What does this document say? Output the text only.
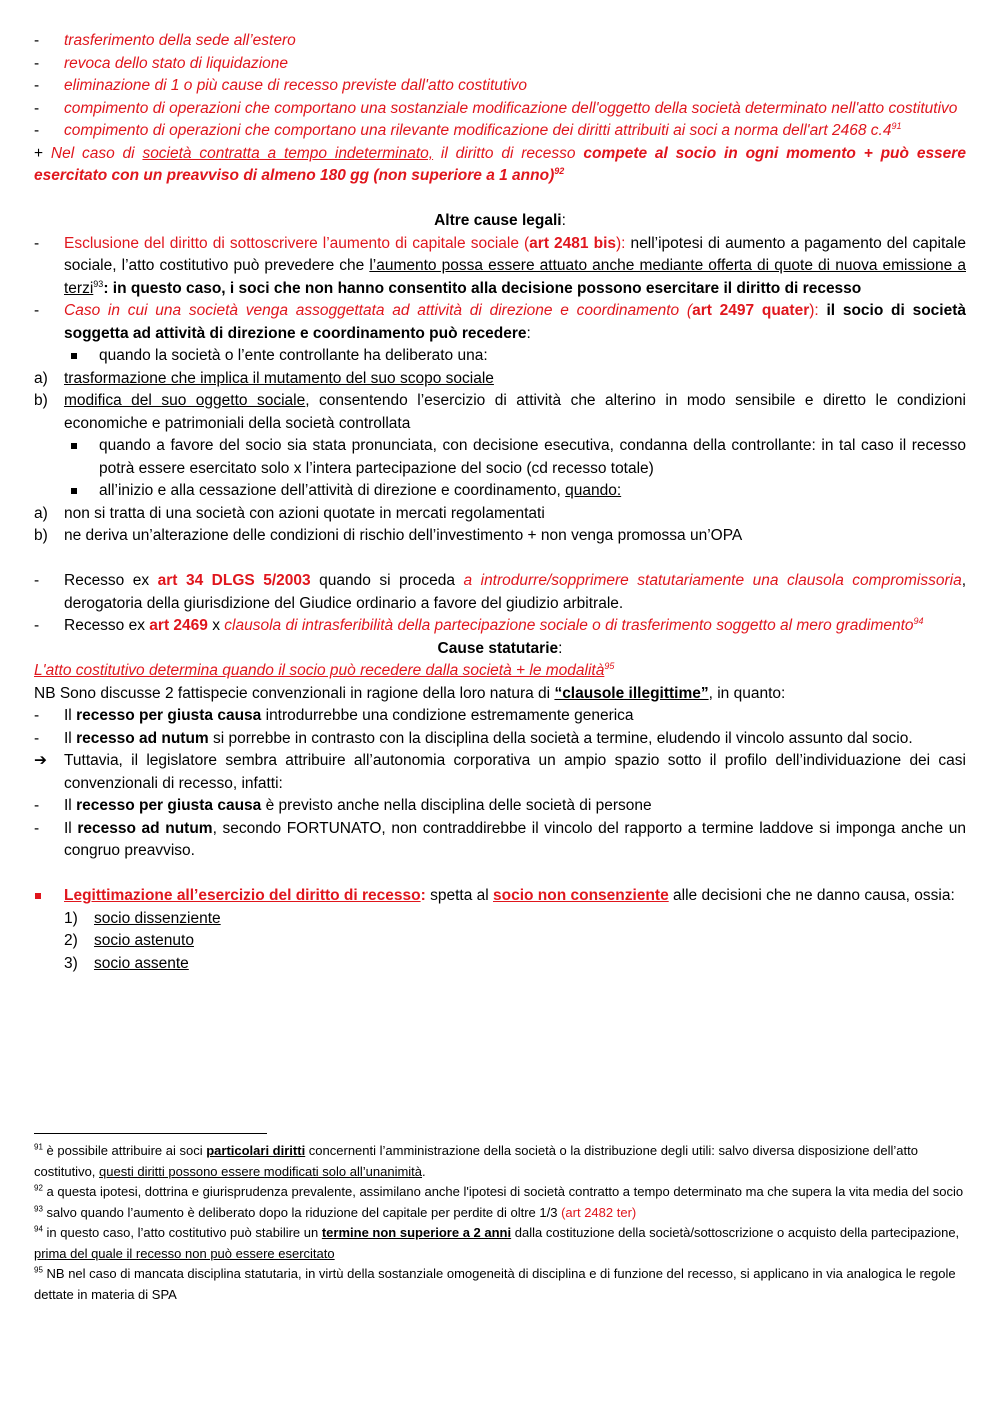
-	trasferimento della sede all’estero
-	revoca dello stato di liquidazione
-	eliminazione di 1 o più cause di recesso previste dall'atto costitutivo
-	compimento di operazioni che comportano una sostanziale modificazione dell'oggetto della società determinato nell'atto costitutivo
-	compimento di operazioni che comportano una rilevante modificazione dei diritti attribuiti ai soci a norma dell'art 2468 $c.4^{91}$
+ Nel caso di società contratta a tempo indeterminato, il diritto di recesso compete al socio in ogni momento + può essere esercitato con un preavviso di almeno 180 gg (non superiore a 1 anno)$^{92}$
Altre cause legali:
-	Esclusione del diritto di sottoscrivere l’aumento di capitale sociale (art 2481 bis): nell’ipotesi di aumento a pagamento del capitale sociale, l’atto costitutivo può prevedere che l’aumento possa essere attuato anche mediante offerta di quote di nuova emissione a terzi$^{93}$: in questo caso, i soci che non hanno consentito alla decisione possono esercitare il diritto di recesso
-	Caso in cui una società venga assoggettata ad attività di direzione e coordinamento (art 2497 quater): il socio di società soggetta ad attività di direzione e coordinamento può recedere:
quando la società o l’ente controllante ha deliberato una:
a)	trasformazione che implica il mutamento del suo scopo sociale
b)	modifica del suo oggetto sociale, consentendo l’esercizio di attività che alterino in modo sensibile e diretto le condizioni economiche e patrimoniali della società controllata
quando a favore del socio sia stata pronunciata, con decisione esecutiva, condanna della controllante: in tal caso il recesso potrà essere esercitato solo x l’intera partecipazione del socio (cd recesso totale)
all’inizio e alla cessazione dell’attività di direzione e coordinamento, quando:
a)	non si tratta di una società con azioni quotate in mercati regolamentati
b)	ne deriva un’alterazione delle condizioni di rischio dell’investimento + non venga promossa un’OPA
-	Recesso ex art 34 DLGS 5/2003 quando si proceda a introdurre/sopprimere statutariamente una clausola compromissoria, derogatoria della giurisdizione del Giudice ordinario a favore del giudizio arbitrale.
-	Recesso ex art 2469 x clausola di intrasferibilità della partecipazione sociale o di trasferimento soggetto al mero gradimento$^{94}$
Cause statutarie:
L'atto costitutivo determina quando il socio può recedere dalla società + le modalità$^{95}$
NB Sono discusse 2 fattispecie convenzionali in ragione della loro natura di “clausole illegittime”, in quanto:
-	Il recesso per giusta causa introdurrebbe una condizione estremamente generica
-	Il recesso ad nutum si porrebbe in contrasto con la disciplina della società a termine, eludendo il vincolo assunto dal socio.
➔	Tuttavia, il legislatore sembra attribuire all’autonomia corporativa un ampio spazio sotto il profilo dell’individuazione dei casi convenzionali di recesso, infatti:
-	Il recesso per giusta causa è previsto anche nella disciplina delle società di persone
-	Il recesso ad nutum, secondo FORTUNATO, non contraddirebbe il vincolo del rapporto a termine laddove si imponga anche un congruo preavviso.
Legittimazione all’esercizio del diritto di recesso: spetta al socio non consenziente alle decisioni che ne danno causa, ossia:
1)	socio dissenziente
2)	socio astenuto
3)	socio assente
$^{91}$ è possibile attribuire ai soci particolari diritti concernenti l’amministrazione della società o la distribuzione degli utili: salvo diversa disposizione dell’atto costitutivo, questi diritti possono essere modificati solo all’unanimità.
$^{92}$ a questa ipotesi, dottrina e giurisprudenza prevalente, assimilano anche l'ipotesi di società contratto a tempo determinato ma che supera la vita media del socio
$^{93}$ salvo quando l’aumento è deliberato dopo la riduzione del capitale per perdite di oltre 1/3 (art 2482 ter)
$^{94}$ in questo caso, l’atto costitutivo può stabilire un termine non superiore a 2 anni dalla costituzione della società/sottoscrizione o acquisto della partecipazione, prima del quale il recesso non può essere esercitato
$^{95}$ NB nel caso di mancata disciplina statutaria, in virtù della sostanziale omogeneità di disciplina e di funzione del recesso, si applicano in via analogica le regole dettate in materia di SPA
